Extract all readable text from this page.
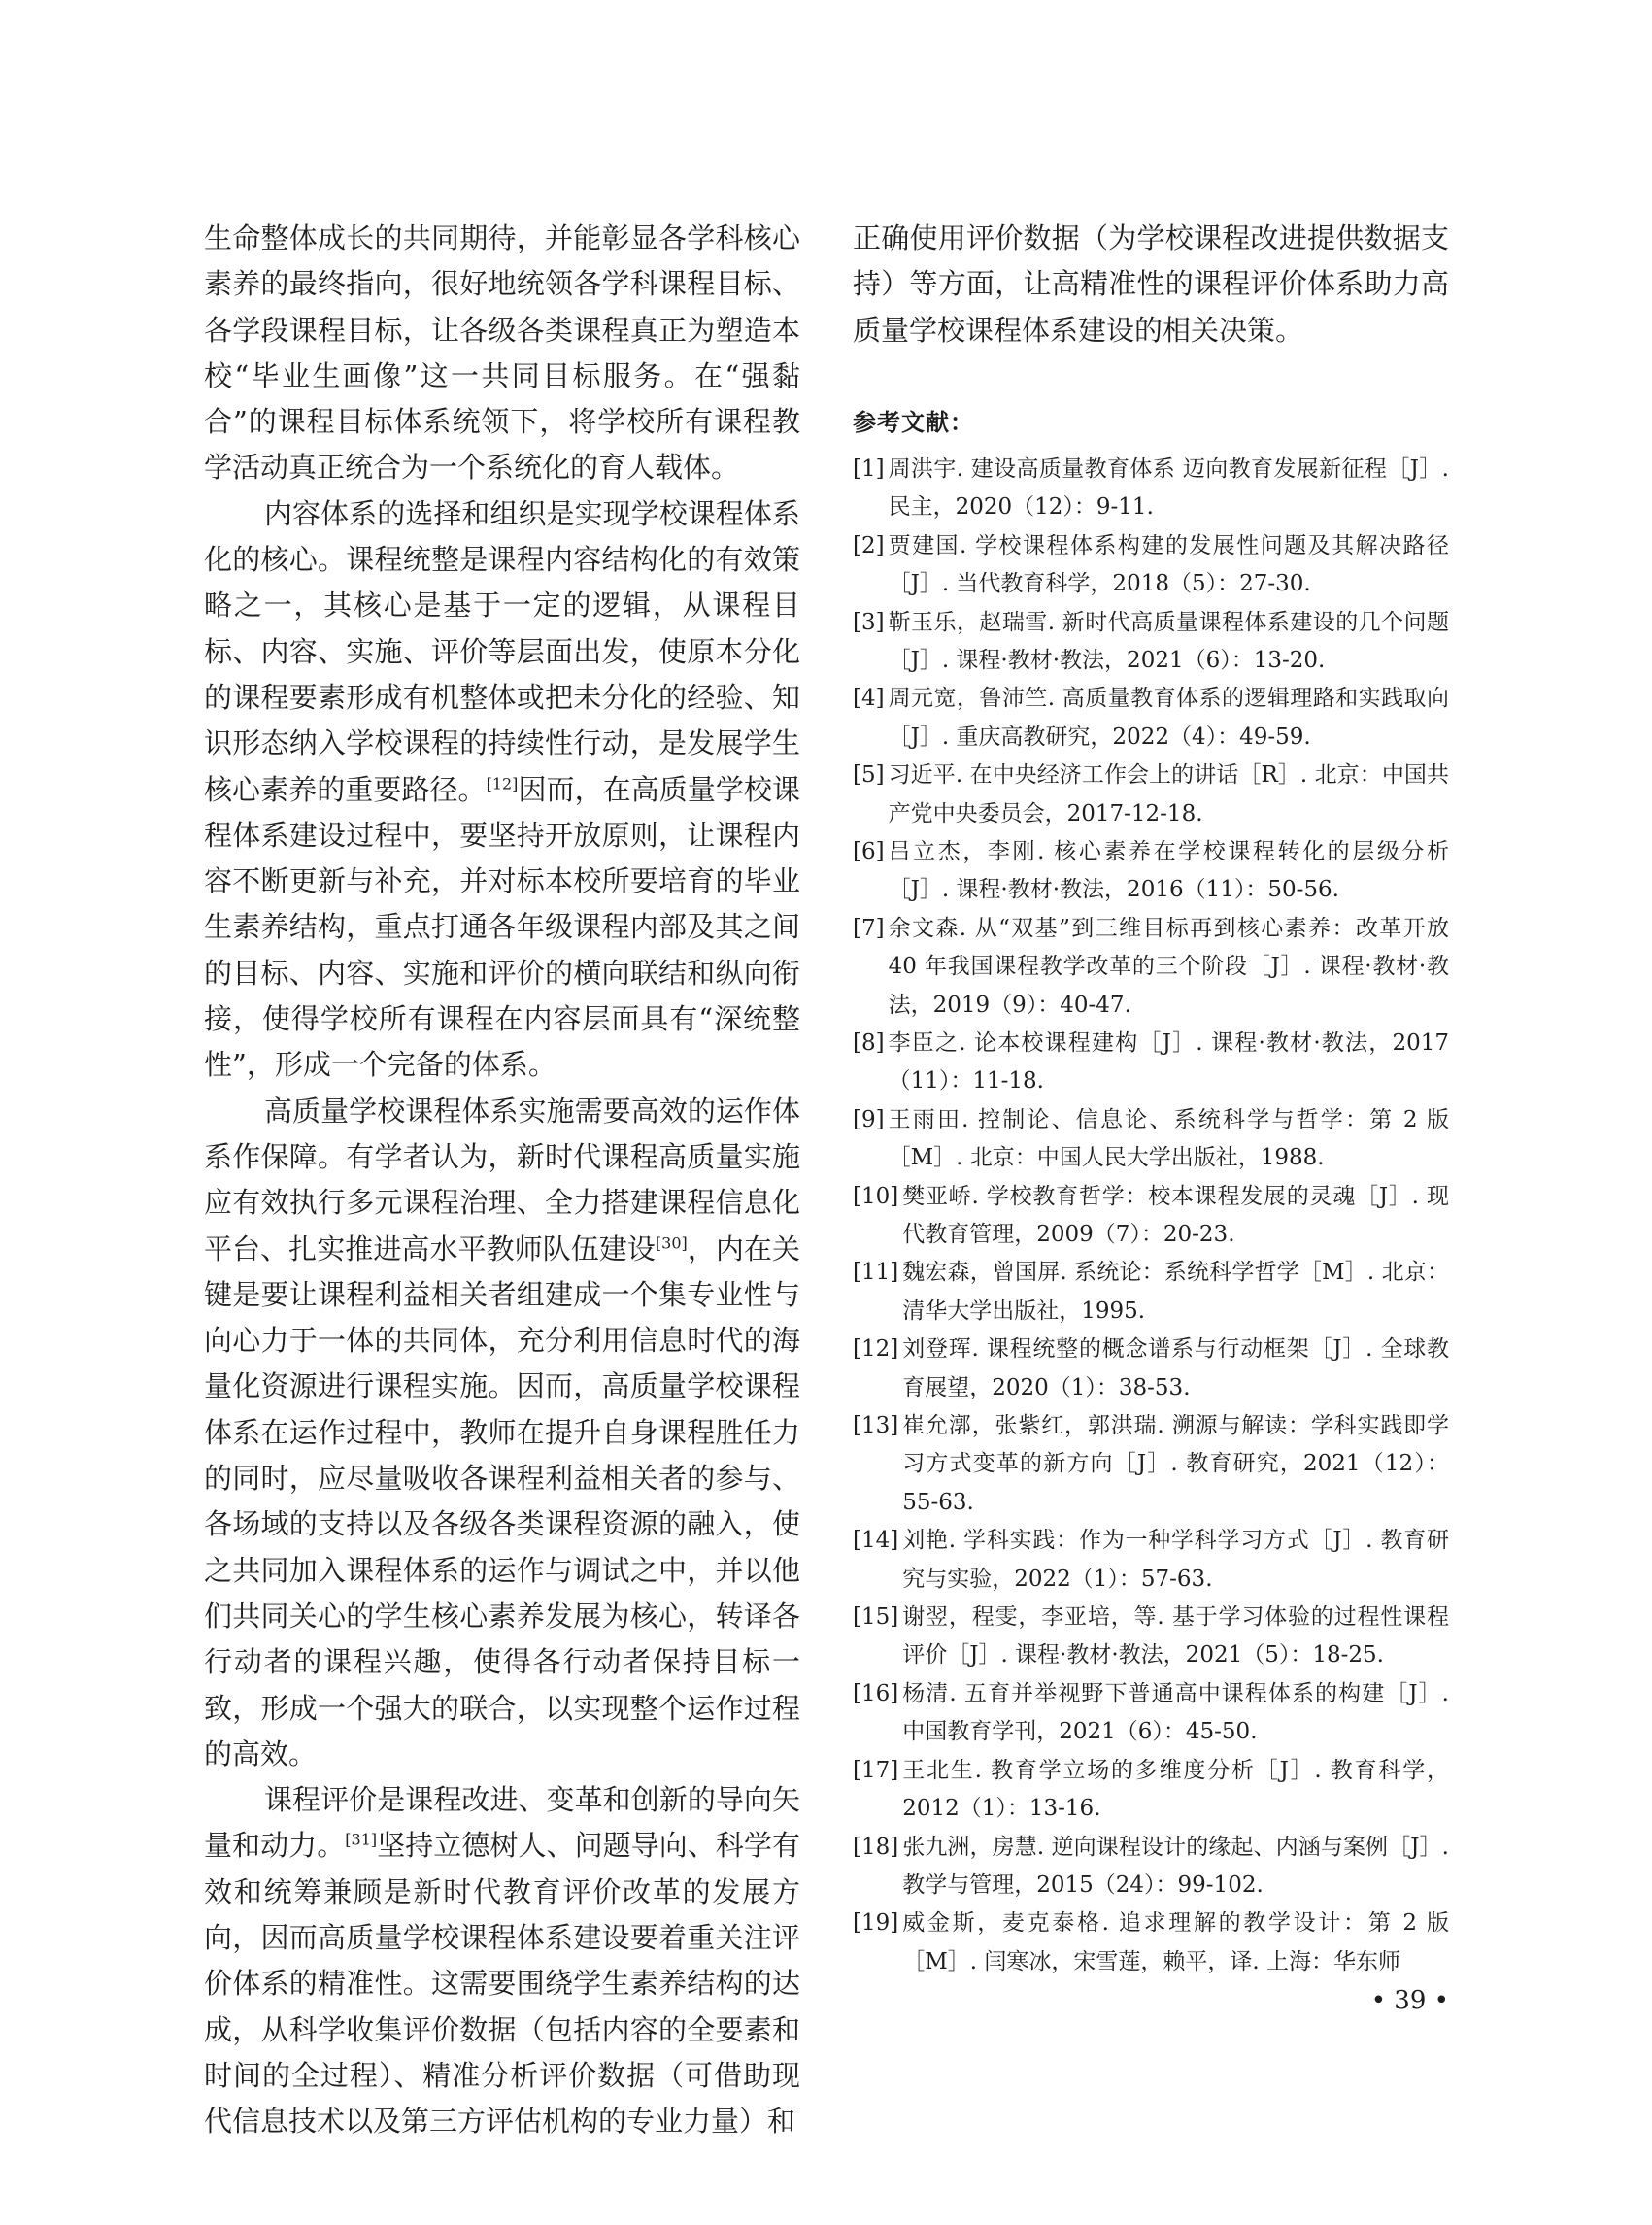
生命整体成长的共同期待，并能彰显各学科核心素养的最终指向，很好地统领各学科课程目标、各学段课程目标，让各级各类课程真正为塑造本校“毕业生画像”这一共同目标服务。在“强黏合”的课程目标体系统领下，将学校所有课程教学活动真正统合为一个系统化的育人载体。

内容体系的选择和组织是实现学校课程体系化的核心。课程统整是课程内容结构化的有效策略之一，其核心是基于一定的逻辑，从课程目标、内容、实施、评价等层面出发，使原本分化的课程要素形成有机整体或把未分化的经验、知识形态纳入学校课程的持续性行动，是发展学生核心素养的重要路径。[12]因而，在高质量学校课程体系建设过程中，要坚持开放原则，让课程内容不断更新与补充，并对标本校所要培育的毕业生素养结构，重点打通各年级课程内部及其之间的目标、内容、实施和评价的横向联结和纵向衔接，使得学校所有课程在内容层面具有“深统整性”，形成一个完备的体系。

高质量学校课程体系实施需要高效的运作体系作保障。有学者认为，新时代课程高质量实施应有效执行多元课程治理、全力搭建课程信息化平台、扎实推进高水平教师队伍建设[30]，内在关键是要让课程利益相关者组建成一个集专业性与向心力于一体的共同体，充分利用信息时代的海量化资源进行课程实施。因而，高质量学校课程体系在运作过程中，教师在提升自身课程胜任力的同时，应尽量吸收各课程利益相关者的参与、各场域的支持以及各级各类课程资源的融入，使之共同加入课程体系的运作与调试之中，并以他们共同关心的学生核心素养发展为核心，转译各行动者的课程兴趣，使得各行动者保持目标一致，形成一个强大的联合，以实现整个运作过程的高效。

课程评价是课程改进、变革和创新的导向矢量和动力。[31]坚持立德树人、问题导向、科学有效和统筹兼顾是新时代教育评价改革的发展方向，因而高质量学校课程体系建设要着重关注评价体系的精准性。这需要围绕学生素养结构的达成，从科学收集评价数据（包括内容的全要素和时间的全过程）、精准分析评价数据（可借助现代信息技术以及第三方评估机构的专业力量）和

正确使用评价数据（为学校课程改进提供数据支持）等方面，让高精准性的课程评价体系助力高质量学校课程体系建设的相关决策。

参考文献：
[1] 周洪宇. 建设高质量教育体系 迈向教育发展新征程［J］. 民主，2020（12）：9-11.
[2] 贾建国. 学校课程体系构建的发展性问题及其解决路径［J］. 当代教育科学，2018（5）：27-30.
[3] 靳玉乐，赵瑞雪. 新时代高质量课程体系建设的几个问题［J］. 课程·教材·教法，2021（6）：13-20.
[4] 周元宽，鲁沛竺. 高质量教育体系的逻辑理路和实践取向［J］. 重庆高教研究，2022（4）：49-59.
[5] 习近平. 在中央经济工作会上的讲话［R］. 北京：中国共产党中央委员会，2017-12-18.
[6] 吕立杰，李刚. 核心素养在学校课程转化的层级分析［J］. 课程·教材·教法，2016（11）：50-56.
[7] 余文森. 从“双基”到三维目标再到核心素养：改革开放 40 年我国课程教学改革的三个阶段［J］. 课程·教材·教法，2019（9）：40-47.
[8] 李臣之. 论本校课程建构［J］. 课程·教材·教法，2017（11）：11-18.
[9] 王雨田. 控制论、信息论、系统科学与哲学：第 2 版［M］. 北京：中国人民大学出版社，1988.
[10] 樊亚峤. 学校教育哲学：校本课程发展的灵魂［J］. 现代教育管理，2009（7）：20-23.
[11] 魏宏森，曾国屏. 系统论：系统科学哲学［M］. 北京：清华大学出版社，1995.
[12] 刘登珲. 课程统整的概念谱系与行动框架［J］. 全球教育展望，2020（1）：38-53.
[13] 崔允漷，张紫红，郭洪瑞. 溯源与解读：学科实践即学习方式变革的新方向［J］. 教育研究，2021（12）：55-63.
[14] 刘艳. 学科实践：作为一种学科学习方式［J］. 教育研究与实验，2022（1）：57-63.
[15] 谢翌，程雯，李亚培，等. 基于学习体验的过程性课程评价［J］. 课程·教材·教法，2021（5）：18-25.
[16] 杨清. 五育并举视野下普通高中课程体系的构建［J］. 中国教育学刊，2021（6）：45-50.
[17] 王北生. 教育学立场的多维度分析［J］. 教育科学，2012（1）：13-16.
[18] 张九洲，房慧. 逆向课程设计的缘起、内涵与案例［J］. 教学与管理，2015（24）：99-102.
[19] 威金斯，麦克泰格. 追求理解的教学设计：第 2 版［M］. 闫寒冰，宋雪莲，赖平，译. 上海：华东师
• 39 •
